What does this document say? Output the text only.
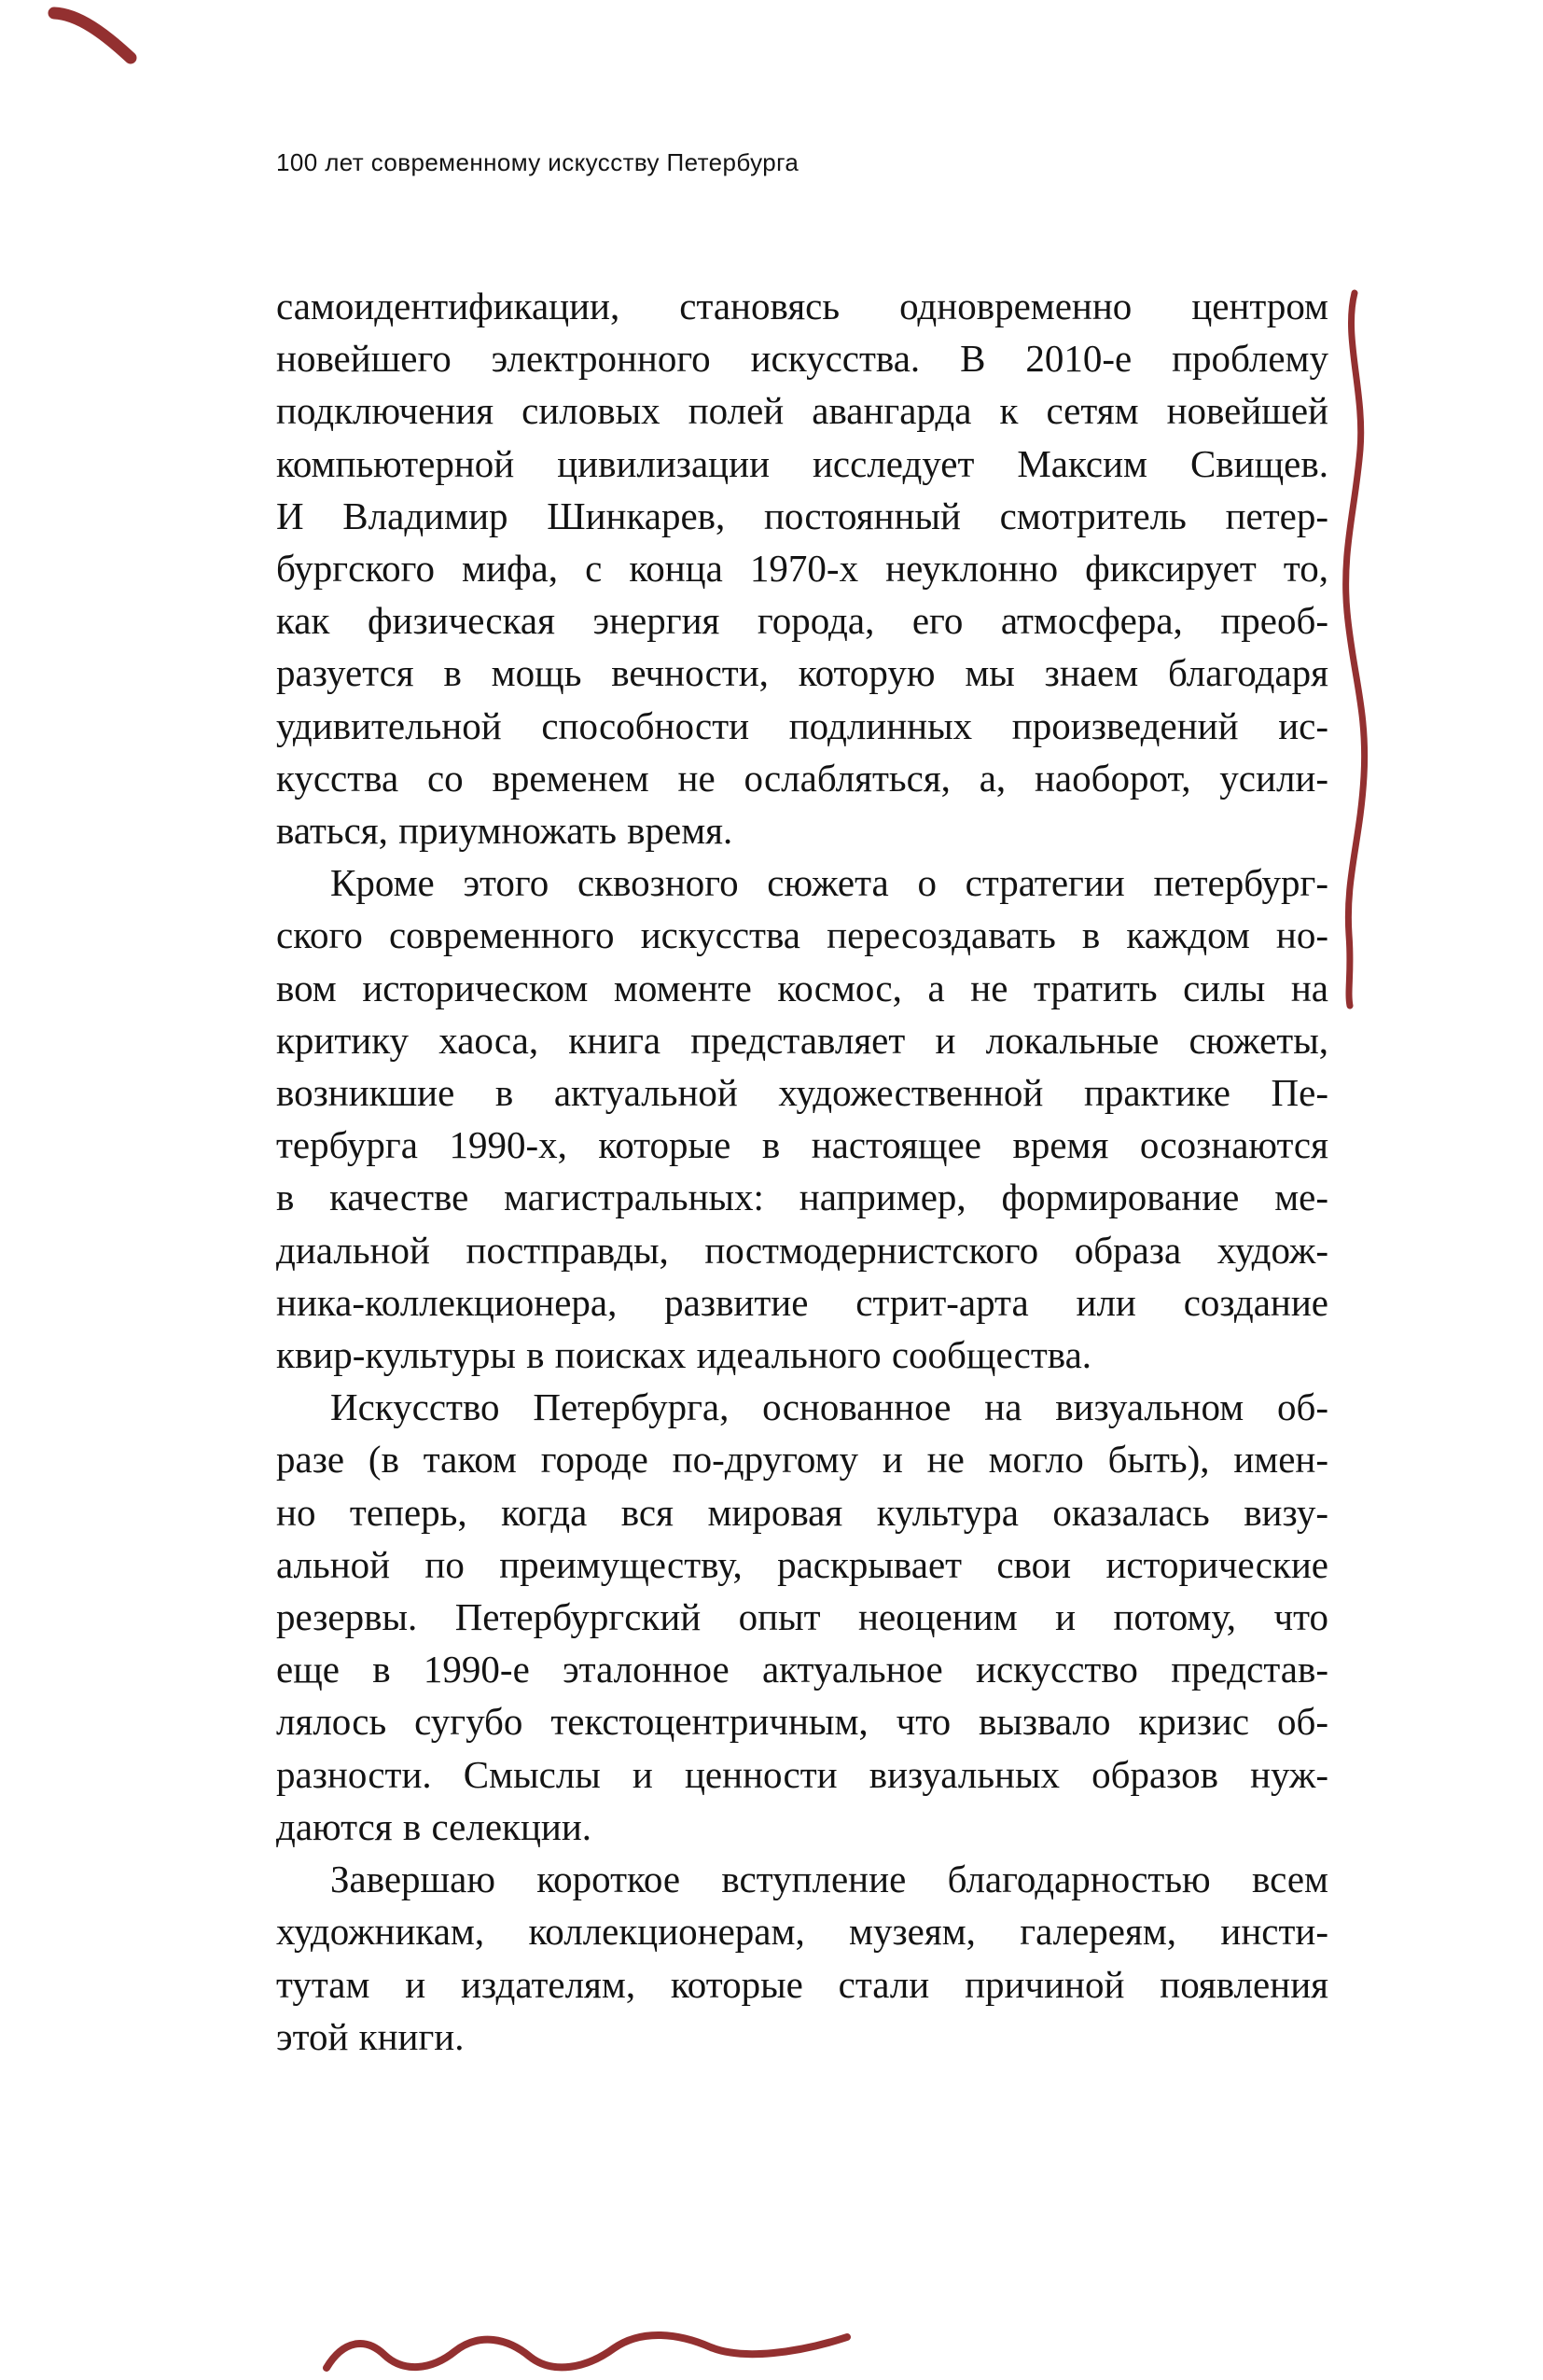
100 лет современному искусству Петербурга
самоидентификации, становясь одновременно центром
новейшего электронного искусства. В 2010-е проблему
подключения силовых полей авангарда к сетям новейшей
компьютерной цивилизации исследует Максим Свищев.
И Владимир Шинкарев, постоянный смотритель петер-
бургского мифа, с конца 1970-х неуклонно фиксирует то,
как физическая энергия города, его атмосфера, преоб-
разуется в мощь вечности, которую мы знаем благодаря
удивительной способности подлинных произведений ис-
кусства со временем не ослабляться, а, наоборот, усили-
ваться, приумножать время.
Кроме этого сквозного сюжета о стратегии петербург-
ского современного искусства пересоздавать в каждом но-
вом историческом моменте космос, а не тратить силы на
критику хаоса, книга представляет и локальные сюжеты,
возникшие в актуальной художественной практике Пе-
тербурга 1990-х, которые в настоящее время осознаются
в качестве магистральных: например, формирование ме-
диальной постправды, постмодернистского образа худож-
ника-коллекционера, развитие стрит-арта или создание
квир-культуры в поисках идеального сообщества.
Искусство Петербурга, основанное на визуальном об-
разе (в таком городе по-другому и не могло быть), имен-
но теперь, когда вся мировая культура оказалась визу-
альной по преимуществу, раскрывает свои исторические
резервы. Петербургский опыт неоценим и потому, что
еще в 1990-е эталонное актуальное искусство представ-
лялось сугубо текстоцентричным, что вызвало кризис об-
разности. Смыслы и ценности визуальных образов нуж-
даются в селекции.
Завершаю короткое вступление благодарностью всем
художникам, коллекционерам, музеям, галереям, инсти-
тутам и издателям, которые стали причиной появления
этой книги.
